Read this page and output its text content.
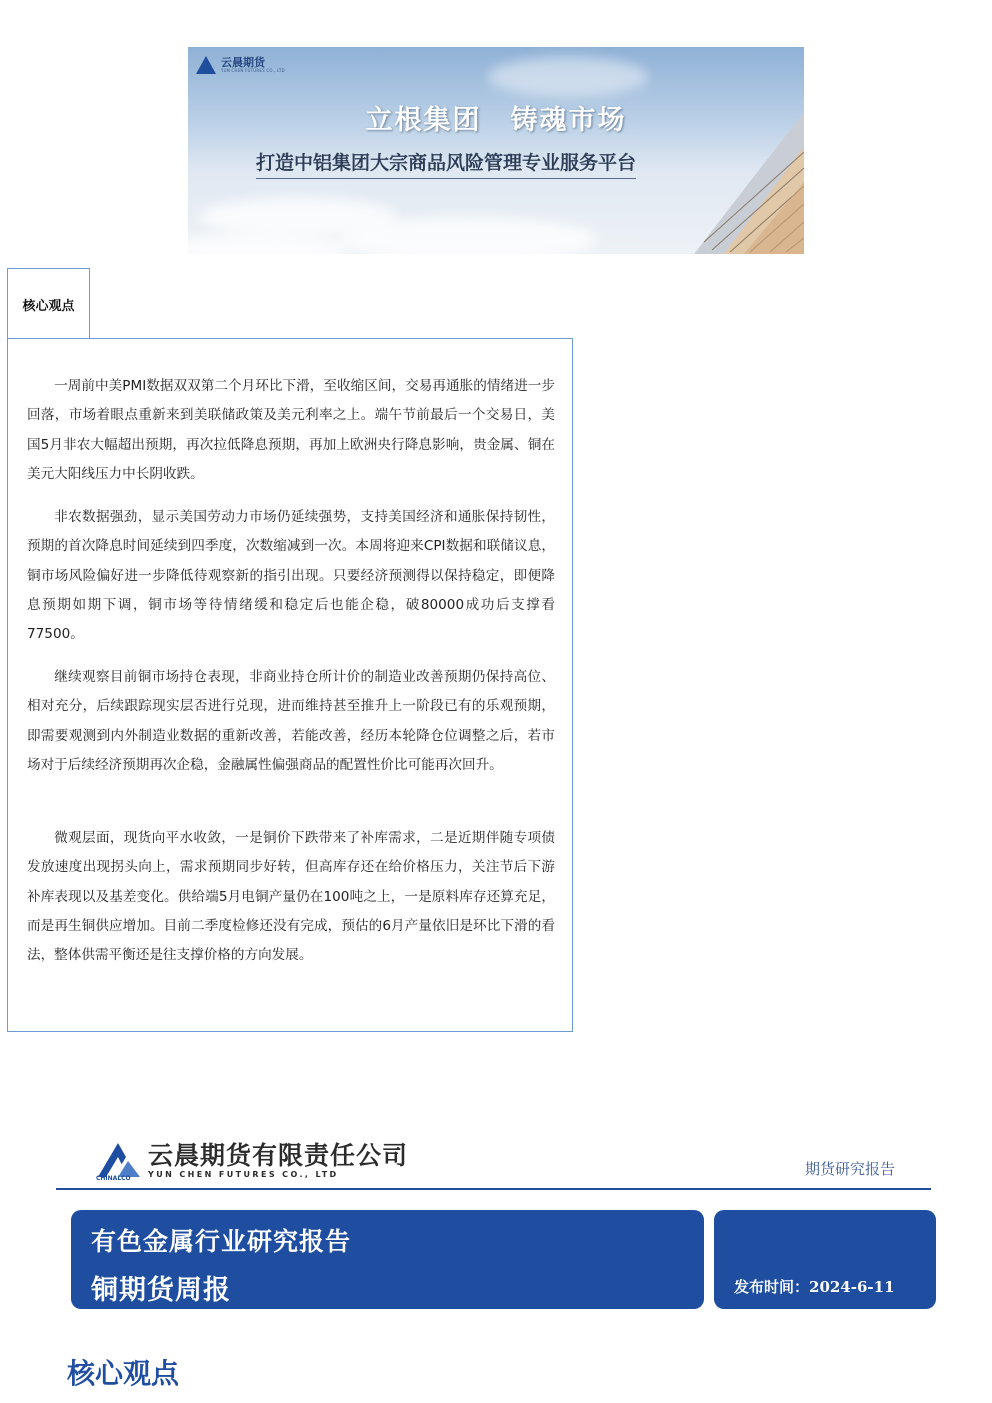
云晨期货
YUN CHEN FUTURES CO., LTD
立根集团　铸魂市场
打造中铝集团大宗商品风险管理专业服务平台
核心观点

一周前中美PMI数据双双第二个月环比下滑，至收缩区间，交易再通胀的情绪进一步回落，市场着眼点重新来到美联储政策及美元利率之上。端午节前最后一个交易日，美国5月非农大幅超出预期，再次拉低降息预期，再加上欧洲央行降息影响，贵金属、铜在美元大阳线压力中长阴收跌。

非农数据强劲，显示美国劳动力市场仍延续强势，支持美国经济和通胀保持韧性，预期的首次降息时间延续到四季度，次数缩减到一次。本周将迎来CPI数据和联储议息，铜市场风险偏好进一步降低待观察新的指引出现。只要经济预测得以保持稳定，即便降息预期如期下调，铜市场等待情绪缓和稳定后也能企稳，破80000成功后支撑看77500。

继续观察目前铜市场持仓表现，非商业持仓所计价的制造业改善预期仍保持高位、相对充分，后续跟踪现实层否进行兑现，进而维持甚至推升上一阶段已有的乐观预期，即需要观测到内外制造业数据的重新改善，若能改善，经历本轮降仓位调整之后，若市场对于后续经济预期再次企稳，金融属性偏强商品的配置性价比可能再次回升。

微观层面，现货向平水收敛，一是铜价下跌带来了补库需求，二是近期伴随专项债发放速度出现拐头向上，需求预期同步好转，但高库存还在给价格压力，关注节后下游补库表现以及基差变化。供给端5月电铜产量仍在100吨之上，一是原料库存还算充足，而是再生铜供应增加。目前二季度检修还没有完成，预估的6月产量依旧是环比下滑的看法，整体供需平衡还是往支撑价格的方向发展。

云晨期货有限责任公司
YUN CHEN FUTURES CO., LTD
CHINALCO
期货研究报告
有色金属行业研究报告
铜期货周报	发布时间：2024-6-11
核心观点
